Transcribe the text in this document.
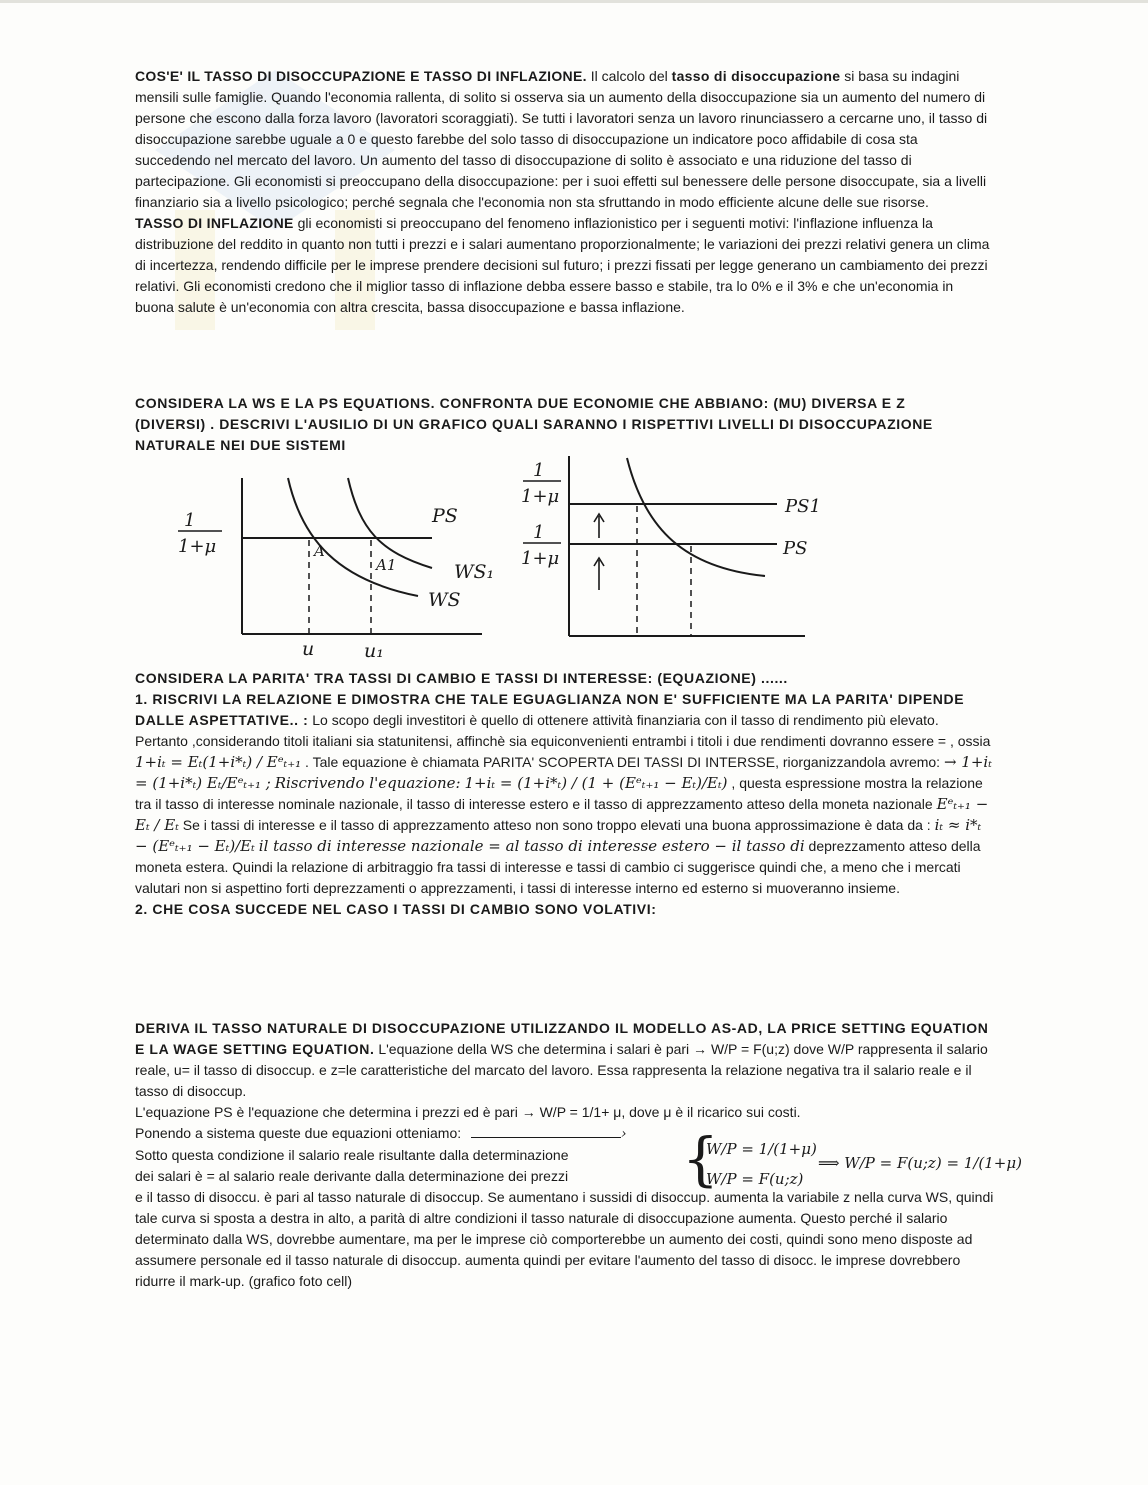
COS'E' IL TASSO DI DISOCCUPAZIONE E TASSO DI INFLAZIONE. Il calcolo del tasso di disoccupazione si basa su indagini mensili sulle famiglie. Quando l'economia rallenta, di solito si osserva sia un aumento della disoccupazione sia un aumento del numero di persone che escono dalla forza lavoro (lavoratori scoraggiati). Se tutti i lavoratori senza un lavoro rinunciassero a cercarne uno, il tasso di disoccupazione sarebbe uguale a 0 e questo farebbe del solo tasso di disoccupazione un indicatore poco affidabile di cosa sta succedendo nel mercato del lavoro. Un aumento del tasso di disoccupazione di solito è associato e una riduzione del tasso di partecipazione. Gli economisti si preoccupano della disoccupazione: per i suoi effetti sul benessere delle persone disoccupate, sia a livelli finanziario sia a livello psicologico; perché segnala che l'economia non sta sfruttando in modo efficiente alcune delle sue risorse.

TASSO DI INFLAZIONE gli economisti si preoccupano del fenomeno inflazionistico per i seguenti motivi: l'inflazione influenza la distribuzione del reddito in quanto non tutti i prezzi e i salari aumentano proporzionalmente; le variazioni dei prezzi relativi genera un clima di incertezza, rendendo difficile per le imprese prendere decisioni sul futuro; i prezzi fissati per legge generano un cambiamento dei prezzi relativi. Gli economisti credono che il miglior tasso di inflazione debba essere basso e stabile, tra lo 0% e il 3% e che un'economia in buona salute è un'economia con altra crescita, bassa disoccupazione e bassa inflazione.

CONSIDERA LA WS E LA PS EQUATIONS. CONFRONTA DUE ECONOMIE CHE ABBIANO: (MU) DIVERSA E Z (DIVERSI) . DESCRIVI L'AUSILIO DI UN GRAFICO QUALI SARANNO I RISPETTIVI LIVELLI DI DISOCCUPAZIONE NATURALE NEI DUE SISTEMI

1
1+μ
PS
WS₁
WS
A
A1
u	u₁
1
1+μ
1
1+μ
PS1
PS

CONSIDERA LA PARITA' TRA TASSI DI CAMBIO E TASSI DI INTERESSE: (EQUAZIONE) ......

1. RISCRIVI LA RELAZIONE E DIMOSTRA CHE TALE EGUAGLIANZA NON E' SUFFICIENTE MA LA PARITA' DIPENDE DALLE ASPETTATIVE.. : Lo scopo degli investitori è quello di ottenere attività finanziaria con il tasso di rendimento più elevato. Pertanto ,considerando titoli italiani sia statunitensi, affinchè sia equiconvenienti entrambi i titoli i due rendimenti dovranno essere = , ossia 1+iₜ = Eₜ(1+i*ₜ) / Eᵉₜ₊₁ . Tale equazione è chiamata PARITA' SCOPERTA DEI TASSI DI INTERSSE, riorganizzandola avremo: → 1+iₜ = (1+i*ₜ) Eₜ/Eᵉₜ₊₁ ; Riscrivendo l'equazione: 1+iₜ = (1+i*ₜ) / (1 + (Eᵉₜ₊₁ − Eₜ)/Eₜ) , questa espressione mostra la relazione tra il tasso di interesse nominale nazionale, il tasso di interesse estero e il tasso di apprezzamento atteso della moneta nazionale Eᵉₜ₊₁ − Eₜ / Eₜ Se i tassi di interesse e il tasso di apprezzamento atteso non sono troppo elevati una buona approssimazione è data da : iₜ ≈ i*ₜ − (Eᵉₜ₊₁ − Eₜ)/Eₜ il tasso di interesse nazionale = al tasso di interesse estero − il tasso di deprezzamento atteso della moneta estera. Quindi la relazione di arbitraggio fra tassi di interesse e tassi di cambio ci suggerisce quindi che, a meno che i mercati valutari non si aspettino forti deprezzamenti o apprezzamenti, i tassi di interesse interno ed esterno si muoveranno insieme.

2. CHE COSA SUCCEDE NEL CASO I TASSI DI CAMBIO SONO VOLATIVI:

DERIVA IL TASSO NATURALE DI DISOCCUPAZIONE UTILIZZANDO IL MODELLO AS-AD, LA PRICE SETTING EQUATION E LA WAGE SETTING EQUATION. L'equazione della WS che determina i salari è pari → W/P = F(u;z) dove W/P rappresenta il salario reale, u= il tasso di disoccup. e z=le caratteristiche del marcato del lavoro. Essa rappresenta la relazione negativa tra il salario reale e il tasso di disoccup.

L'equazione PS è l'equazione che determina i prezzi ed è pari → W/P = 1/1+ μ, dove μ è il ricarico sui costi.

Ponendo a sistema queste due equazioni otteniamo:	›

Sotto questa condizione il salario reale risultante dalla determinazione

dei salari è = al salario reale derivante dalla determinazione dei prezzi

e il tasso di disoccu. è pari al tasso naturale di disoccup. Se aumentano i sussidi di disoccup. aumenta la variabile z nella curva WS, quindi tale curva si sposta a destra in alto, a parità di altre condizioni il tasso naturale di disoccupazione aumenta. Questo perché il salario determinato dalla WS, dovrebbe aumentare, ma per le imprese ciò comporterebbe un aumento dei costi, quindi sono meno disposte ad assumere personale ed il tasso naturale di disoccup. aumenta quindi per evitare l'aumento del tasso di disocc. le imprese dovrebbero ridurre il mark-up. (grafico foto cell)

{
W/P = 1/(1+μ)
W/P = F(u;z)
⟹ W/P = F(u;z) = 1/(1+μ)
